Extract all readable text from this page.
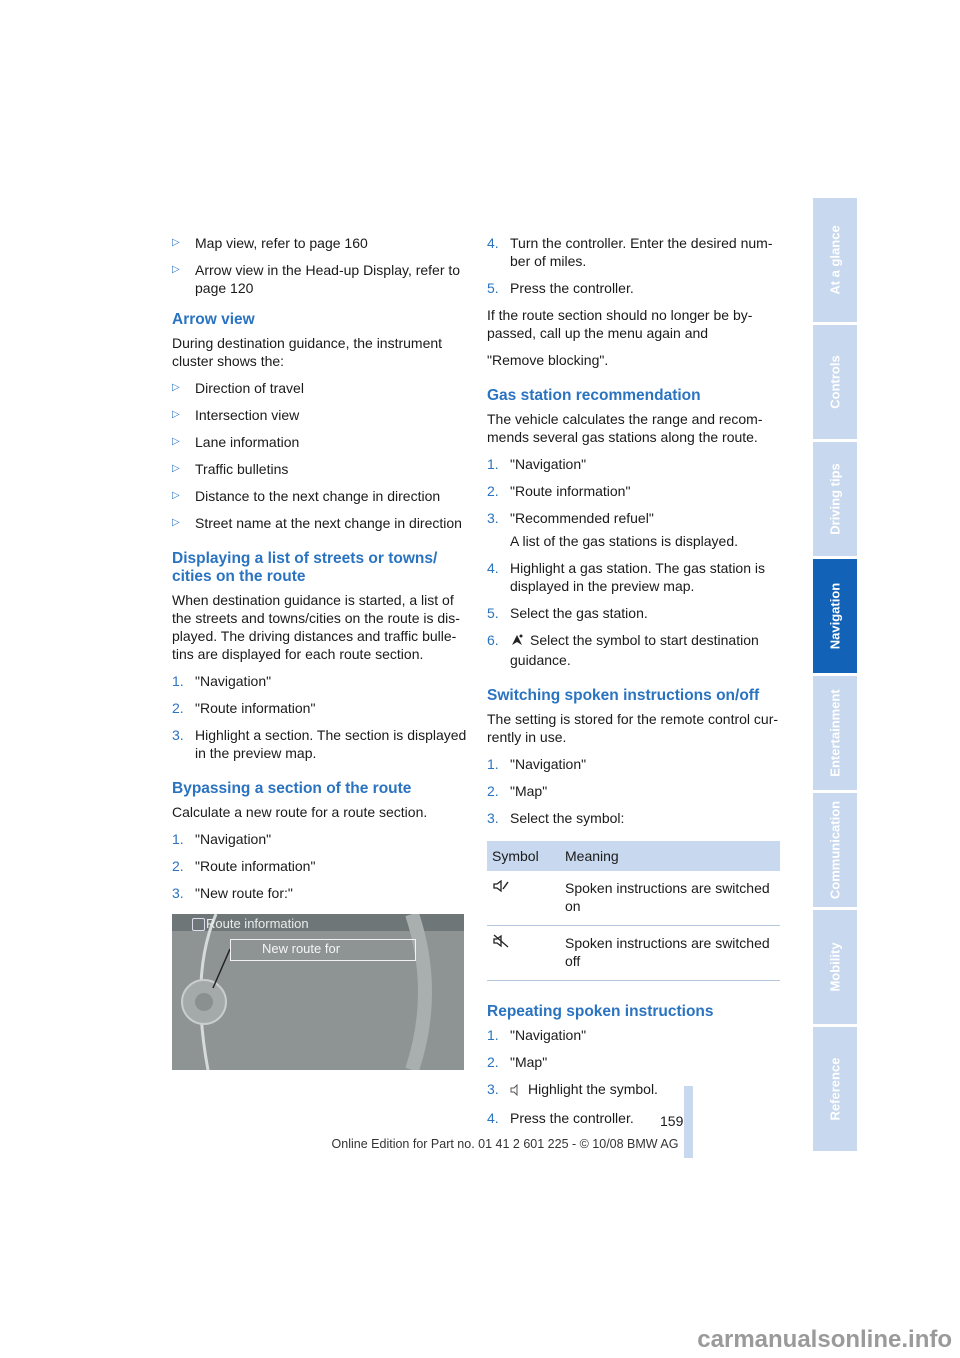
▷ Map view, refer to page 160
▷ Arrow view in the Head-up Display, refer to page 120
Arrow view
During destination guidance, the instrument cluster shows the:
▷ Direction of travel
▷ Intersection view
▷ Lane information
▷ Traffic bulletins
▷ Distance to the next change in direction
▷ Street name at the next change in direction
Displaying a list of streets or towns/ cities on the route
When destination guidance is started, a list of the streets and towns/cities on the route is dis-played. The driving distances and traffic bulle-tins are displayed for each route section.
1. "Navigation"
2. "Route information"
3. Highlight a section. The section is displayed in the preview map.
Bypassing a section of the route
Calculate a new route for a route section.
1. "Navigation"
2. "Route information"
3. "New route for:"
Route information
New route for
4. Turn the controller. Enter the desired num-ber of miles.
5. Press the controller.
If the route section should no longer be by-passed, call up the menu again and
"Remove blocking".
Gas station recommendation
The vehicle calculates the range and recom-mends several gas stations along the route.
1. "Navigation"
2. "Route information"
3. "Recommended refuel"
A list of the gas stations is displayed.
4. Highlight a gas station. The gas station is displayed in the preview map.
5. Select the gas station.
6. Select the symbol to start destination guidance.
Switching spoken instructions on/off
The setting is stored for the remote control cur-rently in use.
1. "Navigation"
2. "Map"
3. Select the symbol:
Symbol	Meaning
	Spoken instructions are switched on
	Spoken instructions are switched off
Repeating spoken instructions
1. "Navigation"
2. "Map"
3. Highlight the symbol.
4. Press the controller.	159
Online Edition for Part no. 01 41 2 601 225 - © 10/08 BMW AG
At a glance
Controls
Driving tips
Navigation
Entertainment
Communication
Mobility
Reference
carmanualsonline.info
